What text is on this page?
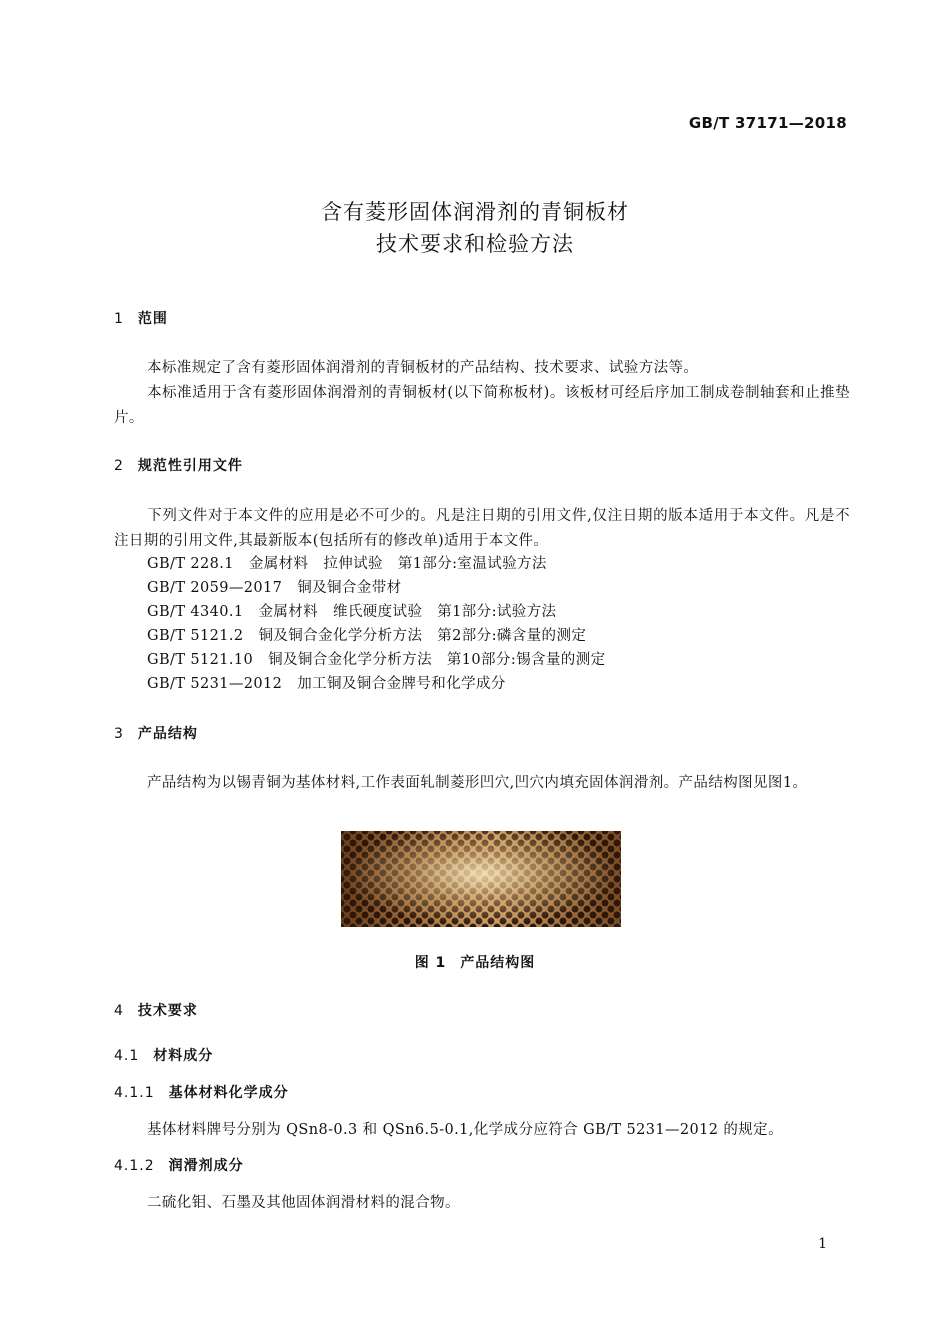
GB/T 37171—2018
含有菱形固体润滑剂的青铜板材
技术要求和检验方法
1 范围
本标准规定了含有菱形固体润滑剂的青铜板材的产品结构、技术要求、试验方法等。
本标准适用于含有菱形固体润滑剂的青铜板材(以下简称板材)。该板材可经后序加工制成卷制轴套和止推垫片。
2 规范性引用文件
下列文件对于本文件的应用是必不可少的。凡是注日期的引用文件,仅注日期的版本适用于本文件。凡是不注日期的引用文件,其最新版本(包括所有的修改单)适用于本文件。
GB/T 228.1　金属材料　拉伸试验　第1部分:室温试验方法
GB/T 2059—2017　铜及铜合金带材
GB/T 4340.1　金属材料　维氏硬度试验　第1部分:试验方法
GB/T 5121.2　铜及铜合金化学分析方法　第2部分:磷含量的测定
GB/T 5121.10　铜及铜合金化学分析方法　第10部分:锡含量的测定
GB/T 5231—2012　加工铜及铜合金牌号和化学成分
3 产品结构
产品结构为以锡青铜为基体材料,工作表面轧制菱形凹穴,凹穴内填充固体润滑剂。产品结构图见图1。
图 1 产品结构图
4 技术要求
4.1 材料成分
4.1.1 基体材料化学成分
基体材料牌号分别为 QSn8-0.3 和 QSn6.5-0.1,化学成分应符合 GB/T 5231—2012 的规定。
4.1.2 润滑剂成分
二硫化钼、石墨及其他固体润滑材料的混合物。
1
